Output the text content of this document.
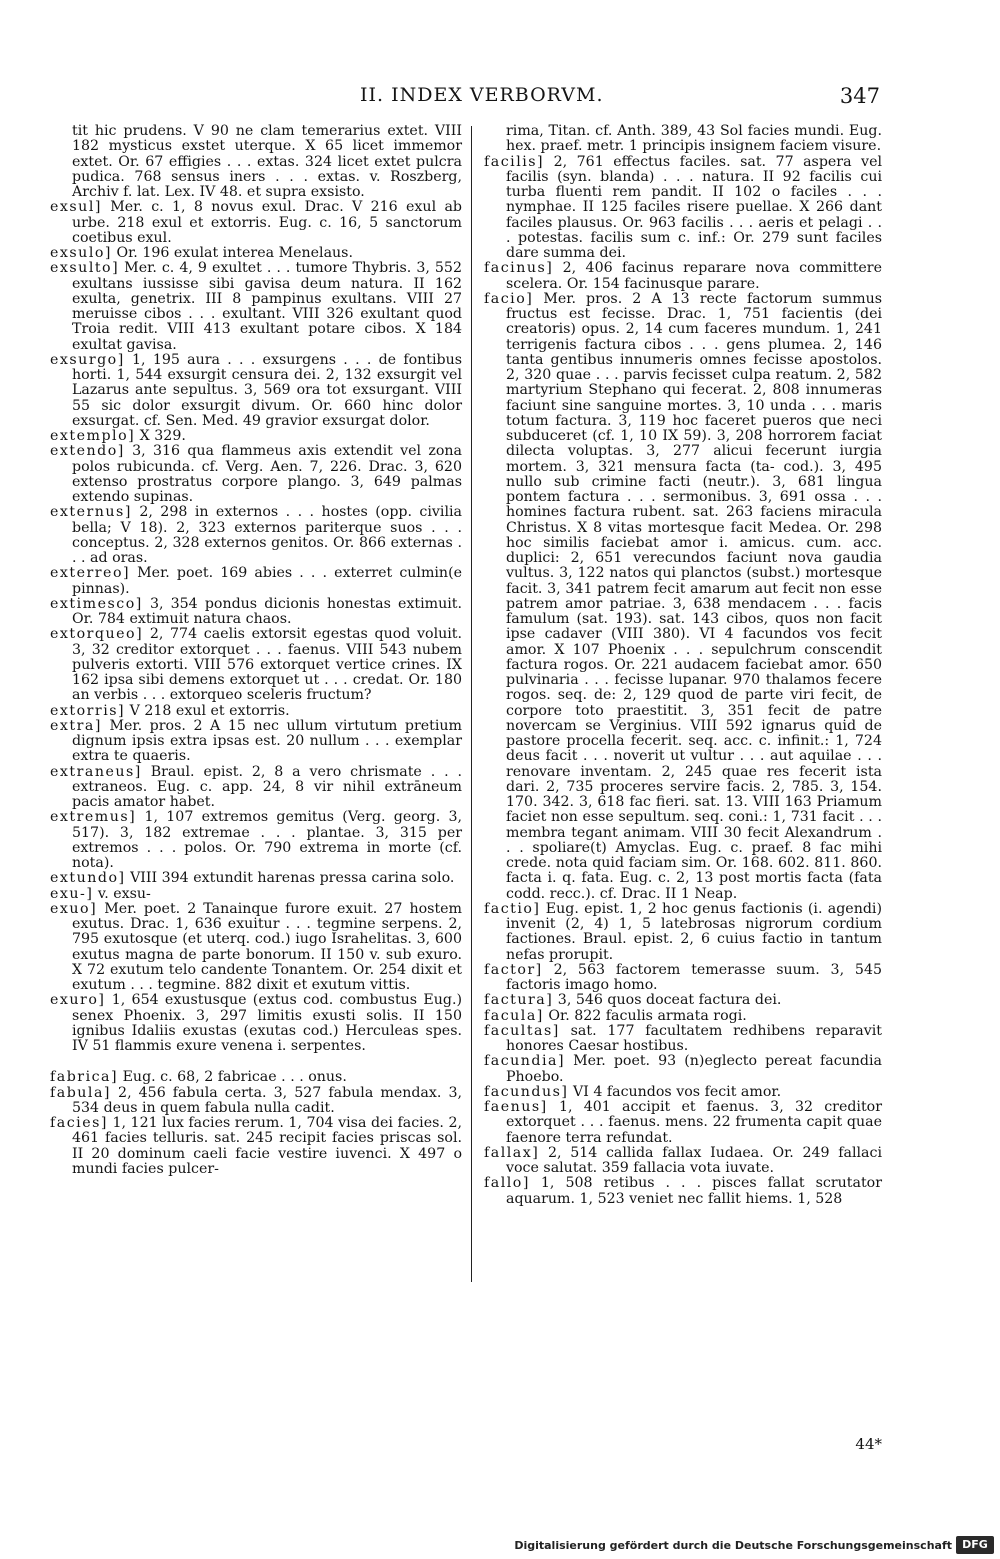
II. INDEX VERBORVM.	347

tit hic prudens. V 90 ne clam temerarius extet. VIII 182 mysticus exstet uterque. X 65 licet immemor extet. Or. 67 effigies . . . extas. 324 licet extet pulcra pudica. 768 sensus iners . . . extas. v. Roszberg, Archiv f. lat. Lex. IV 48. et supra exsisto.

exsul] Mer. c. 1, 8 novus exul. Drac. V 216 exul ab urbe. 218 exul et extorris. Eug. c. 16, 5 sanctorum coetibus exul.

exsulo] Or. 196 exulat interea Menelaus.

exsulto] Mer. c. 4, 9 exultet . . . tumore Thybris. 3, 552 exultans iussisse sibi gavisa deum natura. II 162 exulta, genetrix. III 8 pampinus exultans. VIII 27 meruisse cibos . . . exultant. VIII 326 exultant quod Troia redit. VIII 413 exultant potare cibos. X 184 exultat gavisa.

exsurgo] 1, 195 aura . . . exsurgens . . . de fontibus horti. 1, 544 exsurgit censura dei. 2, 132 exsurgit vel Lazarus ante sepultus. 3, 569 ora tot exsurgant. VIII 55 sic dolor exsurgit divum. Or. 660 hinc dolor exsurgat. cf. Sen. Med. 49 gravior exsurgat dolor.

extemplo] X 329.

extendo] 3, 316 qua flammeus axis extendit vel zona polos rubicunda. cf. Verg. Aen. 7, 226. Drac. 3, 620 extenso prostratus corpore plango. 3, 649 palmas extendo supinas.

externus] 2, 298 in externos . . . hostes (opp. civilia bella; V 18). 2, 323 externos pariterque suos . . . conceptus. 2, 328 externos genitos. Or. 866 externas . . . ad oras.

exterreo] Mer. poet. 169 abies . . . exterret culmin(e pinnas).

extimesco] 3, 354 pondus dicionis honestas extimuit. Or. 784 extimuit natura chaos.

extorqueo] 2, 774 caelis extorsit egestas quod voluit. 3, 32 creditor extorquet . . . faenus. VIII 543 nubem pulveris extorti. VIII 576 extorquet vertice crines. IX 162 ipsa sibi demens extorquet ut . . . credat. Or. 180 an verbis . . . extorqueo sceleris fructum?

extorris] V 218 exul et extorris.

extra] Mer. pros. 2 A 15 nec ullum virtutum pretium dignum ipsis extra ipsas est. 20 nullum . . . exemplar extra te quaeris.

extraneus] Braul. epist. 2, 8 a vero chrismate . . . extraneos. Eug. c. app. 24, 8 vir nihil extrāneum pacis amator habet.

extremus] 1, 107 extremos gemitus (Verg. georg. 3, 517). 3, 182 extremae . . . plantae. 3, 315 per extremos . . . polos. Or. 790 extrema in morte (cf. nota).

extundo] VIII 394 extundit harenas pressa carina solo.

exu-] v. exsu-

exuo] Mer. poet. 2 Tanainque furore exuit. 27 hostem exutus. Drac. 1, 636 exuitur . . . tegmine serpens. 2, 795 exutosque (et uterq. cod.) iugo Israhelitas. 3, 600 exutus magna de parte bonorum. II 150 v. sub exuro. X 72 exutum telo candente Tonantem. Or. 254 dixit et exutum . . . tegmine. 882 dixit et exutum vittis.

exuro] 1, 654 exustusque (extus cod. combustus Eug.) senex Phoenix. 3, 297 limitis exusti solis. II 150 ignibus Idaliis exustas (exutas cod.) Herculeas spes. IV 51 flammis exure venena i. serpentes.

fabrica] Eug. c. 68, 2 fabricae . . . onus.

fabula] 2, 456 fabula certa. 3, 527 fabula mendax. 3, 534 deus in quem fabula nulla cadit.

facies] 1, 121 lux facies rerum. 1, 704 visa dei facies. 2, 461 facies telluris. sat. 245 recipit facies priscas sol. II 20 dominum caeli facie vestire iuvenci. X 497 o mundi facies pulcer-

rima, Titan. cf. Anth. 389, 43 Sol facies mundi. Eug. hex. praef. metr. 1 principis insignem faciem visure.

facilis] 2, 761 effectus faciles. sat. 77 aspera vel facilis (syn. blanda) . . . natura. II 92 facilis cui turba fluenti rem pandit. II 102 o faciles . . . nymphae. II 125 faciles risere puellae. X 266 dant faciles plausus. Or. 963 facilis . . . aeris et pelagi . . . potestas. facilis sum c. inf.: Or. 279 sunt faciles dare summa dei.

facinus] 2, 406 facinus reparare nova committere scelera. Or. 154 facinusque parare.

facio] Mer. pros. 2 A 13 recte factorum summus fructus est fecisse. Drac. 1, 751 facientis (dei creatoris) opus. 2, 14 cum faceres mundum. 1, 241 terrigenis factura cibos . . . gens plumea. 2, 146 tanta gentibus innumeris omnes fecisse apostolos. 2, 320 quae . . . parvis fecisset culpa reatum. 2, 582 martyrium Stephano qui fecerat. 2, 808 innumeras faciunt sine sanguine mortes. 3, 10 unda . . . maris totum factura. 3, 119 hoc faceret pueros que neci subduceret (cf. 1, 10 IX 59). 3, 208 horrorem faciat dilecta voluptas. 3, 277 alicui fecerunt iurgia mortem. 3, 321 mensura facta (ta- cod.). 3, 495 nullo sub crimine facti (neutr.). 3, 681 lingua pontem factura . . . sermonibus. 3, 691 ossa . . . homines factura rubent. sat. 263 faciens miracula Christus. X 8 vitas mortesque facit Medea. Or. 298 hoc similis faciebat amor i. amicus. cum. acc. duplici: 2, 651 verecundos faciunt nova gaudia vultus. 3, 122 natos qui planctos (subst.) mortesque facit. 3, 341 patrem fecit amarum aut fecit non esse patrem amor patriae. 3, 638 mendacem . . . facis famulum (sat. 193). sat. 143 cibos, quos non facit ipse cadaver (VIII 380). VI 4 facundos vos fecit amor. X 107 Phoenix . . . sepulchrum conscendit factura rogos. Or. 221 audacem faciebat amor. 650 pulvinaria . . . fecisse lupanar. 970 thalamos fecere rogos. seq. de: 2, 129 quod de parte viri fecit, de corpore toto praestitit. 3, 351 fecit de patre novercam se Verginius. VIII 592 ignarus quid de pastore procella fecerit. seq. acc. c. infinit.: 1, 724 deus facit . . . noverit ut vultur . . . aut aquilae . . . renovare inventam. 2, 245 quae res fecerit ista dari. 2, 735 proceres servire facis. 2, 785. 3, 154. 170. 342. 3, 618 fac fieri. sat. 13. VIII 163 Priamum faciet non esse sepultum. seq. coni.: 1, 731 facit . . . membra tegant animam. VIII 30 fecit Alexandrum . . . spoliare(t) Amyclas. Eug. c. praef. 8 fac mihi crede. nota quid faciam sim. Or. 168. 602. 811. 860. facta i. q. fata. Eug. c. 2, 13 post mortis facta (fata codd. recc.). cf. Drac. II 1 Neap.

factio] Eug. epist. 1, 2 hoc genus factionis (i. agendi) invenit (2, 4) 1, 5 latebrosas nigrorum cordium factiones. Braul. epist. 2, 6 cuius factio in tantum nefas prorupit.

factor] 2, 563 factorem temerasse suum. 3, 545 factoris imago homo.

factura] 3, 546 quos doceat factura dei.

facula] Or. 822 faculis armata rogi.

facultas] sat. 177 facultatem redhibens reparavit honores Caesar hostibus.

facundia] Mer. poet. 93 (n)eglecto pereat facundia Phoebo.

facundus] VI 4 facundos vos fecit amor.

faenus] 1, 401 accipit et faenus. 3, 32 creditor extorquet . . . faenus. mens. 22 frumenta capit quae faenore terra refundat.

fallax] 2, 514 callida fallax Iudaea. Or. 249 fallaci voce salutat. 359 fallacia vota iuvate.

fallo] 1, 508 retibus . . . pisces fallat scrutator aquarum. 1, 523 veniet nec fallit hiems. 1, 528

44*
Digitalisierung gefördert durch die Deutsche Forschungsgemeinschaft DFG
